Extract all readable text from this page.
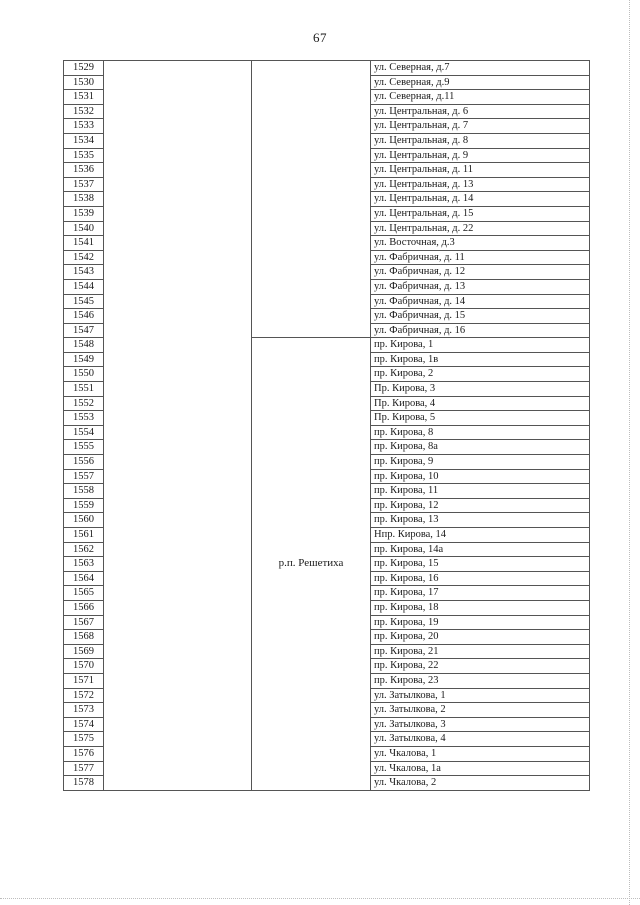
67
1529			ул. Северная, д.7
1530			ул. Северная, д.9
1531			ул. Северная, д.11
1532			ул. Центральная, д. 6
1533			ул. Центральная, д. 7
1534			ул. Центральная, д. 8
1535			ул. Центральная, д. 9
1536			ул. Центральная, д. 11
1537			ул. Центральная, д. 13
1538			ул. Центральная, д. 14
1539			ул. Центральная, д. 15
1540			ул. Центральная, д. 22
1541			ул. Восточная, д.3
1542			ул. Фабричная, д. 11
1543			ул. Фабричная, д. 12
1544			ул. Фабричная, д. 13
1545			ул. Фабричная, д. 14
1546			ул. Фабричная, д. 15
1547			ул. Фабричная, д. 16
1548		р.п. Решетиха	пр. Кирова, 1
1549			пр. Кирова, 1в
1550			пр. Кирова, 2
1551			Пр. Кирова, 3
1552			Пр. Кирова, 4
1553			Пр. Кирова, 5
1554			пр. Кирова, 8
1555			пр. Кирова, 8а
1556			пр. Кирова, 9
1557			пр. Кирова, 10
1558			пр. Кирова, 11
1559			пр. Кирова, 12
1560			пр. Кирова, 13
1561			Нпр. Кирова, 14
1562			пр. Кирова, 14а
1563			пр. Кирова, 15
1564			пр. Кирова, 16
1565			пр. Кирова, 17
1566			пр. Кирова, 18
1567			пр. Кирова, 19
1568			пр. Кирова, 20
1569			пр. Кирова, 21
1570			пр. Кирова, 22
1571			пр. Кирова, 23
1572			ул. Затылкова, 1
1573			ул. Затылкова, 2
1574			ул. Затылкова, 3
1575			ул. Затылкова, 4
1576			ул. Чкалова, 1
1577			ул. Чкалова, 1а
1578			ул. Чкалова, 2
